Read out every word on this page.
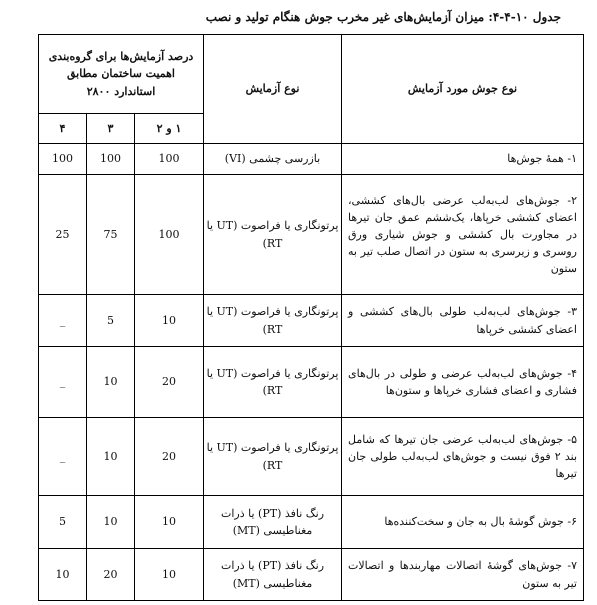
جدول ۱۰-۴-۴: میزان آزمایش‌های غیر مخرب جوش هنگام تولید و نصب
درصد آزمایش‌ها برای گروه‌بندی اهمیت ساختمان مطابق استاندارد ۲۸۰۰			نوع آزمایش	نوع جوش مورد آزمایش
۴	۳	۱ و ۲		
100	100	100	بازرسی چشمی (VI)	۱- همهٔ جوش‌ها
25	75	100	پرتونگاری یا فراصوت (UT یا RT)	۲- جوش‌های لب‌به‌لب عرضی بال‌های کششی، اعضای کششی خرپاها، یک‌ششم عمق جان تیرها در مجاورت بال کششی و جوش شیاری ورق روسری و زیرسری به ستون در اتصال صلب تیر به ستون
_	5	10	پرتونگاری یا فراصوت (UT یا RT)	۳- جوش‌های لب‌به‌لب طولی بال‌های کششی و اعضای کششی خرپاها
_	10	20	پرتونگاری یا فراصوت (UT یا RT)	۴- جوش‌های لب‌به‌لب عرضی و طولی در بال‌های فشاری و اعضای فشاری خرپاها و ستون‌ها
_	10	20	پرتونگاری یا فراصوت (UT یا RT)	۵- جوش‌های لب‌به‌لب عرضی جان تیرها که شامل بند ۲ فوق نیست و جوش‌های لب‌به‌لب طولی جان تیرها
5	10	10	رنگ نافذ (PT) یا ذرات مغناطیسی (MT)	۶- جوش گوشهٔ بال به جان و سخت‌کننده‌ها
10	20	10	رنگ نافذ (PT) یا ذرات مغناطیسی (MT)	۷- جوش‌های گوشهٔ اتصالات مهاربندها و اتصالات تیر به ستون
